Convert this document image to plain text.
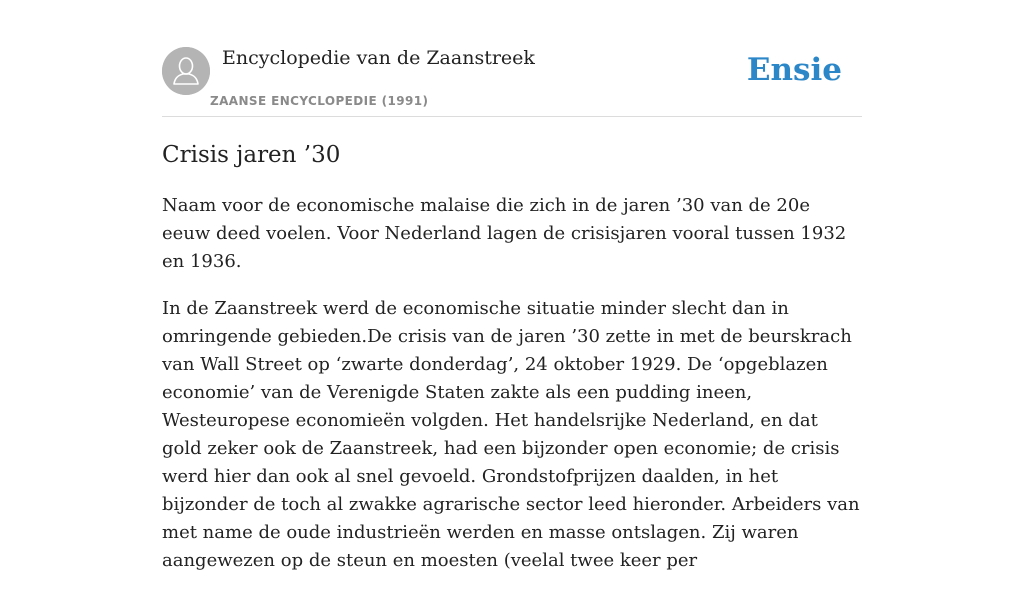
Encyclopedie van de Zaanstreek
ZAANSE ENCYCLOPEDIE (1991)
Ensie
Crisis jaren ’30

Naam voor de economische malaise die zich in de jaren ’30 van de 20e eeuw deed voelen. Voor Nederland lagen de crisisjaren vooral tussen 1932 en 1936.

In de Zaanstreek werd de economische situatie minder slecht dan in omringende gebieden.De crisis van de jaren ’30 zette in met de beurskrach van Wall Street op ‘zwarte donderdag’, 24 oktober 1929. De ‘opgeblazen economie’ van de Verenigde Staten zakte als een pudding ineen, Westeuropese economieën volgden. Het handelsrijke Nederland, en dat gold zeker ook de Zaanstreek, had een bijzonder open economie; de crisis werd hier dan ook al snel gevoeld. Grondstofprijzen daalden, in het bijzonder de toch al zwakke agrarische sector leed hieronder. Arbeiders van met name de oude industrieën werden en masse ontslagen. Zij waren aangewezen op de steun en moesten (veelal twee keer per
